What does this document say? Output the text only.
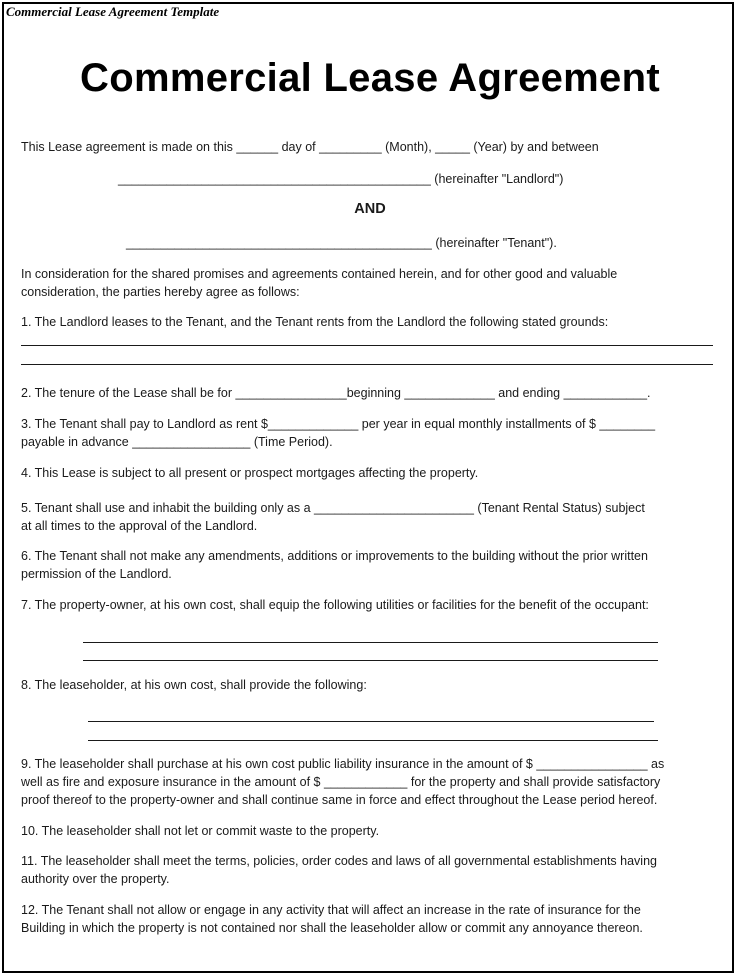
Commercial Lease Agreement Template
Commercial Lease Agreement
This Lease agreement is made on this ______ day of _________ (Month), _____ (Year) by and between
_____________________________________________ (hereinafter "Landlord")
AND
____________________________________________ (hereinafter "Tenant").
In consideration for the shared promises and agreements contained herein, and for other good and valuable
consideration, the parties hereby agree as follows:
1. The Landlord leases to the Tenant, and the Tenant rents from the Landlord the following stated grounds:
2. The tenure of the Lease shall be for ________________beginning _____________ and ending ____________.
3. The Tenant shall pay to Landlord as rent $_____________ per year in equal monthly installments of $ ________
payable in advance _________________ (Time Period).
4. This Lease is subject to all present or prospect mortgages affecting the property.
5. Tenant shall use and inhabit the building only as a _______________________ (Tenant Rental Status) subject
at all times to the approval of the Landlord.
6. The Tenant shall not make any amendments, additions or improvements to the building without the prior written
permission of the Landlord.
7. The property-owner, at his own cost, shall equip the following utilities or facilities for the benefit of the occupant:
8. The leaseholder, at his own cost, shall provide the following:
9. The leaseholder shall purchase at his own cost public liability insurance in the amount of $ ________________ as
well as fire and exposure insurance in the amount of $ ____________ for the property and shall provide satisfactory
proof thereof to the property-owner and shall continue same in force and effect throughout the Lease period hereof.
10. The leaseholder shall not let or commit waste to the property.
11. The leaseholder shall meet the terms, policies, order codes and laws of all governmental establishments having
authority over the property.
12. The Tenant shall not allow or engage in any activity that will affect an increase in the rate of insurance for the
Building in which the property is not contained nor shall the leaseholder allow or commit any annoyance thereon.
